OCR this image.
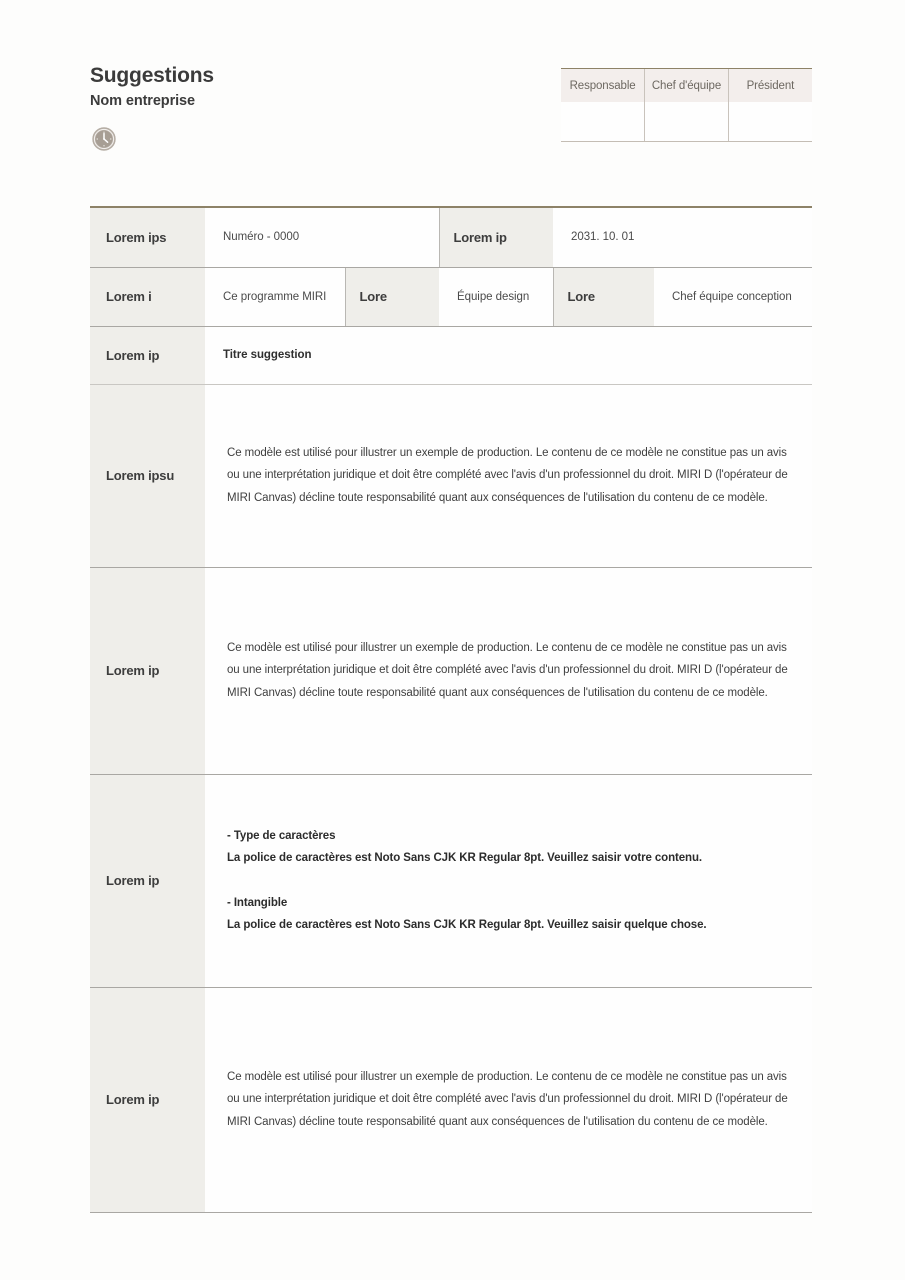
Suggestions
Nom entreprise
Responsable	Chef d'équipe	Président

Lorem ips	Numéro - 0000		Lorem ip	2031. 10. 01	
Lorem i	Ce programme MIRI	Lore	Équipe design	Lore	Chef équipe conception
Lorem ip	Titre suggestion				
Lorem ipsu	Ce modèle est utilisé pour illustrer un exemple de production. Le contenu de ce modèle ne constitue pas un avis ou une interprétation juridique et doit être complété avec l'avis d'un professionnel du droit. MIRI D (l'opérateur de MIRI Canvas) décline toute responsabilité quant aux conséquences de l'utilisation du contenu de ce modèle.				

Lorem ip	Ce modèle est utilisé pour illustrer un exemple de production. Le contenu de ce modèle ne constitue pas un avis ou une interprétation juridique et doit être complété avec l'avis d'un professionnel du droit. MIRI D (l'opérateur de MIRI Canvas) décline toute responsabilité quant aux conséquences de l'utilisation du contenu de ce modèle.				

Lorem ip	- Type de caractères
La police de caractères est Noto Sans CJK KR Regular 8pt. Veuillez saisir votre contenu.
- Intangible
La police de caractères est Noto Sans CJK KR Regular 8pt. Veuillez saisir quelque chose.				

Lorem ip	Ce modèle est utilisé pour illustrer un exemple de production. Le contenu de ce modèle ne constitue pas un avis ou une interprétation juridique et doit être complété avec l'avis d'un professionnel du droit. MIRI D (l'opérateur de MIRI Canvas) décline toute responsabilité quant aux conséquences de l'utilisation du contenu de ce modèle.				
